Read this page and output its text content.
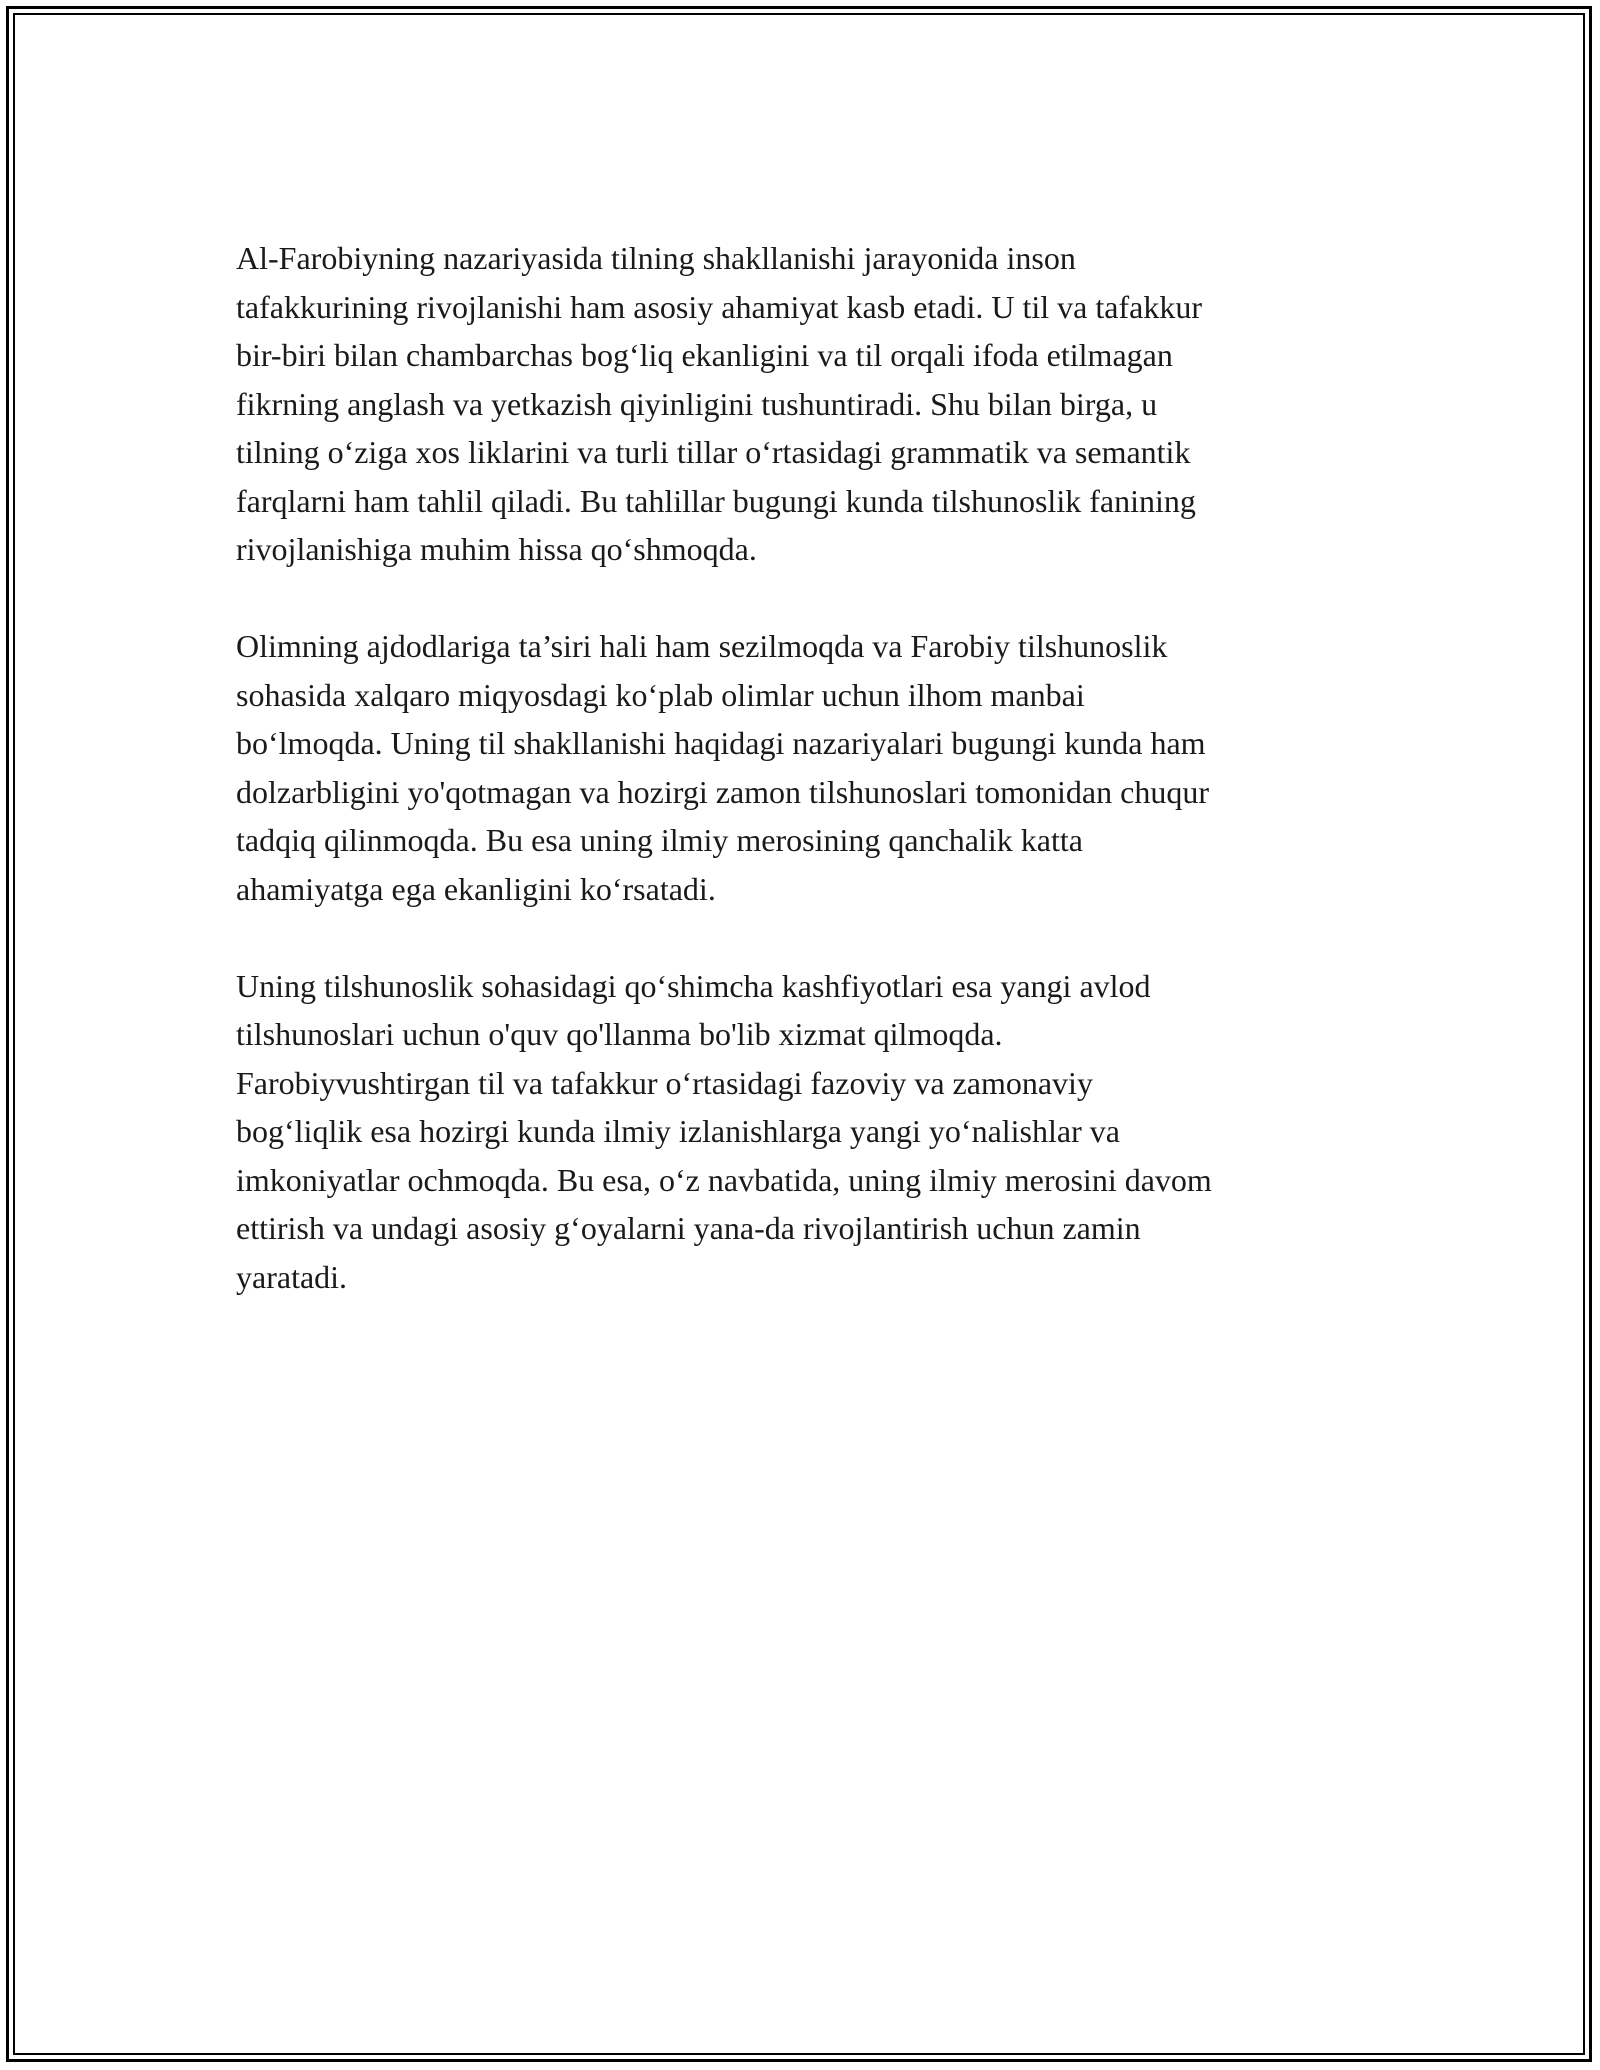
Al-Farobiyning nazariyasida tilning shakllanishi jarayonida inson
tafakkurining rivojlanishi ham asosiy ahamiyat kasb etadi. U til va tafakkur
bir-biri bilan chambarchas bog‘liq ekanligini va til orqali ifoda etilmagan
fikrning anglash va yetkazish qiyinligini tushuntiradi. Shu bilan birga, u
tilning o‘ziga xos liklarini va turli tillar o‘rtasidagi grammatik va semantik
farqlarni ham tahlil qiladi. Bu tahlillar bugungi kunda tilshunoslik fanining
rivojlanishiga muhim hissa qo‘shmoqda.

Olimning ajdodlariga ta’siri hali ham sezilmoqda va Farobiy tilshunoslik
sohasida xalqaro miqyosdagi ko‘plab olimlar uchun ilhom manbai
bo‘lmoqda. Uning til shakllanishi haqidagi nazariyalari bugungi kunda ham
dolzarbligini yo'qotmagan va hozirgi zamon tilshunoslari tomonidan chuqur
tadqiq qilinmoqda. Bu esa uning ilmiy merosining qanchalik katta
ahamiyatga ega ekanligini ko‘rsatadi.

Uning tilshunoslik sohasidagi qo‘shimcha kashfiyotlari esa yangi avlod
tilshunoslari uchun o'quv qo'llanma bo'lib xizmat qilmoqda.
Farobiyvushtirgan til va tafakkur o‘rtasidagi fazoviy va zamonaviy
bog‘liqlik esa hozirgi kunda ilmiy izlanishlarga yangi yo‘nalishlar va
imkoniyatlar ochmoqda. Bu esa, o‘z navbatida, uning ilmiy merosini davom
ettirish va undagi asosiy g‘oyalarni yana-da rivojlantirish uchun zamin
yaratadi.
